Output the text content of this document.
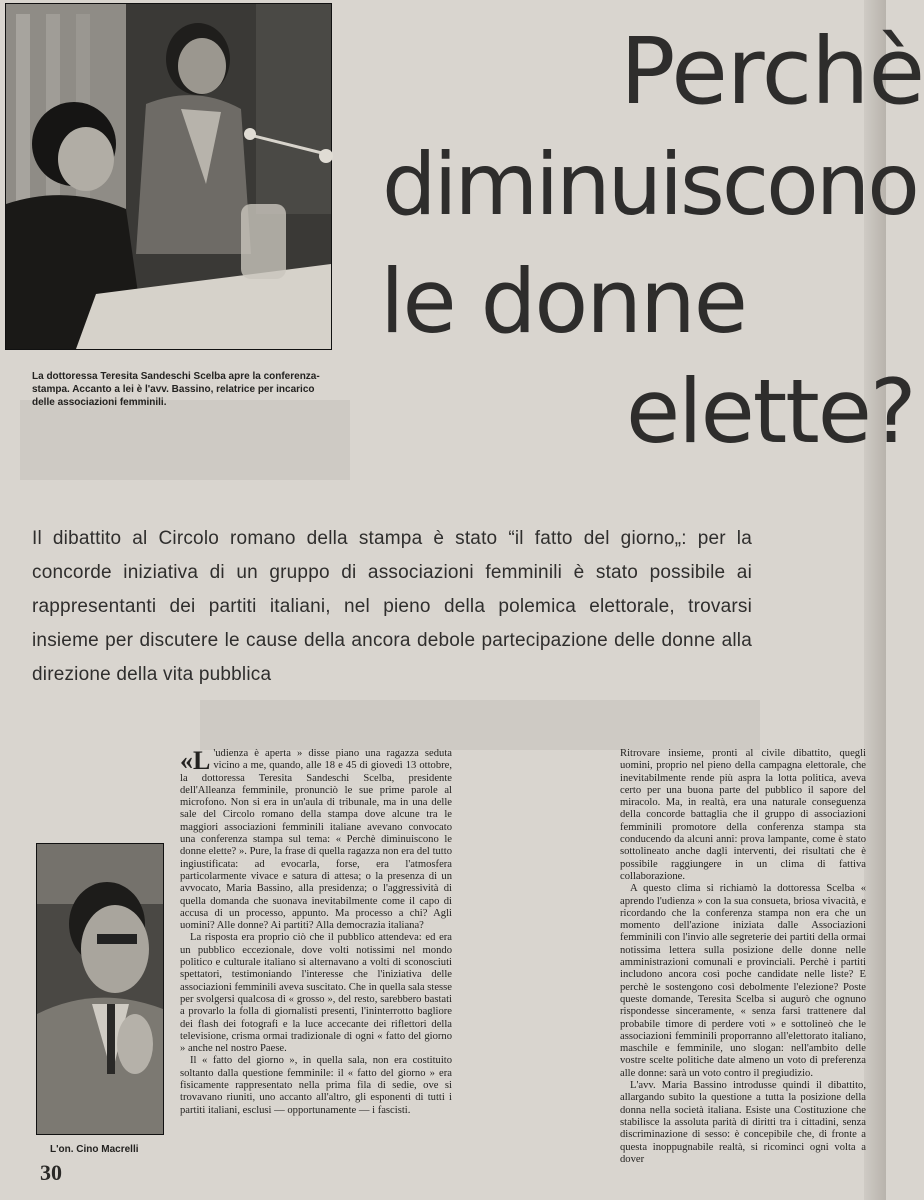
La dottoressa Teresita Sandeschi Scelba apre la conferenza-stampa. Accanto a lei è l'avv. Bassino, relatrice per incarico delle associazioni femminili.

Perchè
diminuiscono
le donne
elette?

Il dibattito al Circolo romano della stampa è stato “il fatto del giorno„: per la concorde iniziativa di un gruppo di associazioni femminili è stato possibile ai rappresentanti dei partiti italiani, nel pieno della polemica elettorale, trovarsi insieme per discutere le cause della ancora debole partecipazione delle donne alla direzione della vita pubblica

L'on. Cino Macrelli

«L 'udienza è aperta » disse piano una ragazza seduta vicino a me, quando, alle 18 e 45 di giovedì 13 ottobre, la dottoressa Teresita Sandeschi Scelba, presidente dell'Alleanza femminile, pronunciò le sue prime parole al microfono. Non si era in un'aula di tribunale, ma in una delle sale del Circolo romano della stampa dove alcune tra le maggiori associazioni femminili italiane avevano convocato una conferenza stampa sul tema: « Perchè diminuiscono le donne elette? ». Pure, la frase di quella ragazza non era del tutto ingiustificata: ad evocarla, forse, era l'atmosfera particolarmente vivace e satura di attesa; o la presenza di un avvocato, Maria Bassino, alla presidenza; o l'aggressività di quella domanda che suonava inevitabilmente come il capo di accusa di un processo, appunto. Ma processo a chi? Agli uomini? Alle donne? Ai partiti? Alla democrazia italiana?

La risposta era proprio ciò che il pubblico attendeva: ed era un pubblico eccezionale, dove volti notissimi nel mondo politico e culturale italiano si alternavano a volti di sconosciuti spettatori, testimoniando l'interesse che l'iniziativa delle associazioni femminili aveva suscitato. Che in quella sala stesse per svolgersi qualcosa di « grosso », del resto, sarebbero bastati a provarlo la folla di giornalisti presenti, l'ininterrotto bagliore dei flash dei fotografi e la luce accecante dei riflettori della televisione, crisma ormai tradizionale di ogni « fatto del giorno » anche nel nostro Paese.

Il « fatto del giorno », in quella sala, non era costituito soltanto dalla questione femminile: il « fatto del giorno » era fisicamente rappresentato nella prima fila di sedie, ove si trovavano riuniti, uno accanto all'altro, gli esponenti di tutti i partiti italiani, esclusi — opportunamente — i fascisti.

Ritrovare insieme, pronti al civile dibattito, quegli uomini, proprio nel pieno della campagna elettorale, che inevitabilmente rende più aspra la lotta politica, aveva certo per una buona parte del pubblico il sapore del miracolo. Ma, in realtà, era una naturale conseguenza della concorde battaglia che il gruppo di associazioni femminili promotore della conferenza stampa sta conducendo da alcuni anni: prova lampante, come è stato sottolineato anche dagli interventi, dei risultati che è possibile raggiungere in un clima di fattiva collaborazione.

A questo clima si richiamò la dottoressa Scelba « aprendo l'udienza » con la sua consueta, briosa vivacità, e ricordando che la conferenza stampa non era che un momento dell'azione iniziata dalle Associazioni femminili con l'invio alle segreterie dei partiti della ormai notissima lettera sulla posizione delle donne nelle amministrazioni comunali e provinciali. Perchè i partiti includono ancora così poche candidate nelle liste? E perchè le sostengono così debolmente l'elezione? Poste queste domande, Teresita Scelba si augurò che ognuno rispondesse sinceramente, « senza farsi trattenere dal probabile timore di perdere voti » e sottolineò che le associazioni femminili proporranno all'elettorato italiano, maschile e femminile, uno slogan: nell'ambito delle vostre scelte politiche date almeno un voto di preferenza alle donne: sarà un voto contro il pregiudizio.

L'avv. Maria Bassino introdusse quindi il dibattito, allargando subito la questione a tutta la posizione della donna nella società italiana. Esiste una Costituzione che stabilisce la assoluta parità di diritti tra i cittadini, senza discriminazione di sesso: è concepibile che, di fronte a questa inoppugnabile realtà, si ricominci ogni volta a dover

30
